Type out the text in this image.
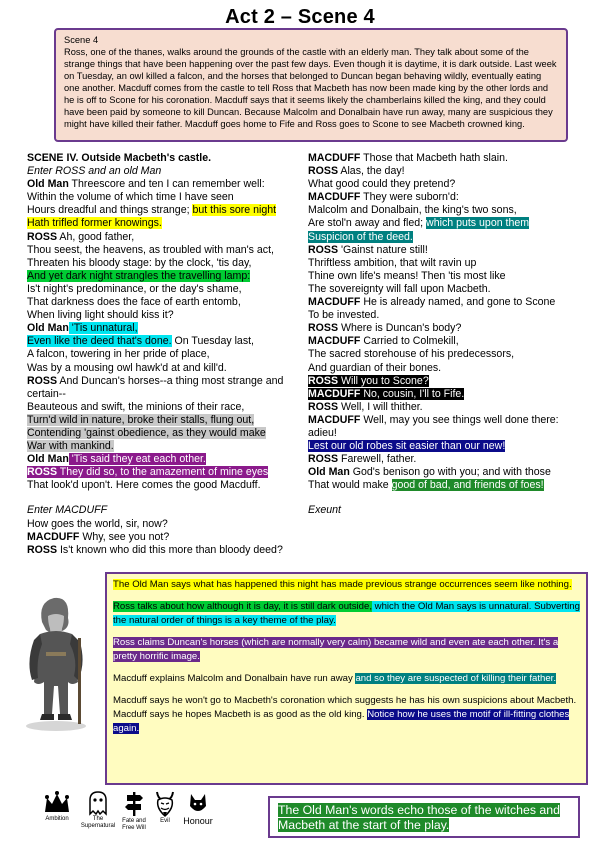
Act 2 – Scene 4
Scene 4
Ross, one of the thanes, walks around the grounds of the castle with an elderly man. They talk about some of the strange things that have been happening over the past few days. Even though it is daytime, it is dark outside. Last week on Tuesday, an owl killed a falcon, and the horses that belonged to Duncan began behaving wildly, eventually eating one another. Macduff comes from the castle to tell Ross that Macbeth has now been made king by the other lords and he is off to Scone for his coronation. Macduff says that it seems likely the chamberlains killed the king, and they could have been paid by someone to kill Duncan. Because Malcolm and Donalbain have run away, many are suspicious they might have killed their father. Macduff goes home to Fife and Ross goes to Scone to see Macbeth crowned king.
SCENE IV. Outside Macbeth's castle.
Enter ROSS and an old Man
Old Man Threescore and ten I can remember well:
Within the volume of which time I have seen
Hours dreadful and things strange; but this sore night
Hath trifled former knowings.
ROSS Ah, good father,
Thou seest, the heavens, as troubled with man's act,
Threaten his bloody stage: by the clock, 'tis day,
And yet dark night strangles the travelling lamp:
Is't night's predominance, or the day's shame,
That darkness does the face of earth entomb,
When living light should kiss it?
Old Man 'Tis unnatural,
Even like the deed that's done. On Tuesday last,
A falcon, towering in her pride of place,
Was by a mousing owl hawk'd at and kill'd.
ROSS And Duncan's horses--a thing most strange and
certain--
Beauteous and swift, the minions of their race,
Turn'd wild in nature, broke their stalls, flung out,
Contending 'gainst obedience, as they would make
War with mankind.
Old Man 'Tis said they eat each other.
ROSS They did so, to the amazement of mine eyes
That look'd upon't. Here comes the good Macduff.
Enter MACDUFF
How goes the world, sir, now?
MACDUFF Why, see you not?
ROSS Is't known who did this more than bloody deed?
MACDUFF Those that Macbeth hath slain.
ROSS Alas, the day!
What good could they pretend?
MACDUFF They were suborn'd:
Malcolm and Donalbain, the king's two sons,
Are stol'n away and fled; which puts upon them
Suspicion of the deed.
ROSS 'Gainst nature still!
Thriftless ambition, that wilt ravin up
Thine own life's means! Then 'tis most like
The sovereignty will fall upon Macbeth.
MACDUFF He is already named, and gone to Scone
To be invested.
ROSS Where is Duncan's body?
MACDUFF Carried to Colmekill,
The sacred storehouse of his predecessors,
And guardian of their bones.
ROSS Will you to Scone?
MACDUFF No, cousin, I'll to Fife.
ROSS Well, I will thither.
MACDUFF Well, may you see things well done there:
adieu!
Lest our old robes sit easier than our new!
ROSS Farewell, father.
Old Man God's benison go with you; and with those
That would make good of bad, and friends of foes!
Exeunt
The Old Man says what has happened this night has made previous strange occurrences seem like nothing.
Ross talks about how although it is day, it is still dark outside, which the Old Man says is unnatural. Subverting the natural order of things is a key theme of the play.
Ross claims Duncan's horses (which are normally very calm) became wild and even ate each other. It's a pretty horrific image.
Macduff explains Malcolm and Donalbain have run away and so they are suspected of killing their father.
Macduff says he won't go to Macbeth's coronation which suggests he has his own suspicions about Macbeth. Macduff says he hopes Macbeth is as good as the old king. Notice how he uses the motif of ill-fitting clothes again.
Ambition	The
Supernatural
Fate and
Free Will
Evil	Honour
The Old Man's words echo those of the witches and Macbeth at the start of the play.
